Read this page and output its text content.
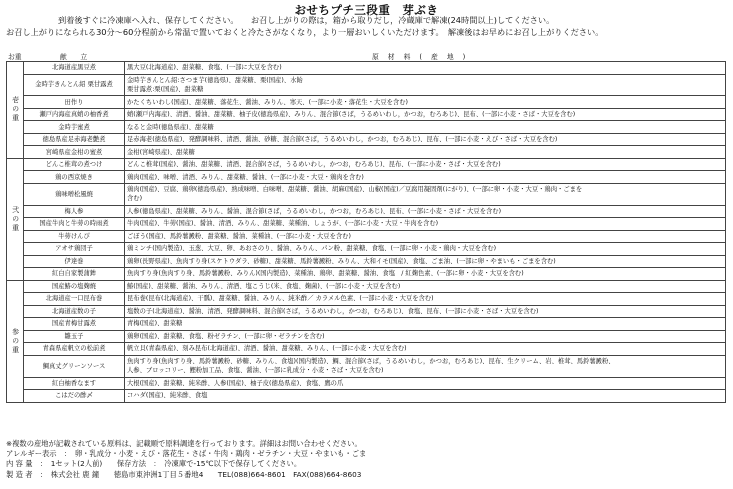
おせちプチ三段重　芽ぶき
到着後すぐに冷凍庫へ入れ、保存してください。　　お召し上がりの際は，箱から取りだし，冷蔵庫で解凍(24時間以上)してください。
お召し上がりになられる30分〜60分程前から常温で置いておくと冷たさがなくなり，より一層おいしくいただけます。　解凍後はお早めにお召し上がりください。
お重	献　　立	原材料(産地)
壱の重	北海道産黒豆煮	黒大豆(北海道産)、甜菜糖、食塩、(一部に大豆を含む)

	金時芋きんとん紹 栗甘露煮	金時芋きんとん紹:さつま芋(徳島県)、甜菜糖、栗(国産)、水飴
栗甘露煮:栗(国産)、甜菜糖

	田作り	かたくちいわし(国産)、甜菜糖、落花生、醤油、みりん、寒天、(一部に小麦・落花生・大豆を含む)

	瀬戸内海産真蛸の柚香煮	蛸(瀬戸内海産)、清酒、醤油、甜菜糖、柚子皮(徳島県産)、みりん、混合節(さば，うるめいわし，かつお，むろあじ)、昆布、(一部に小麦・さば・大豆を含む)

	金時芋蜜煮	なると金時(徳島県産)、甜菜糖

	徳島県産足赤海老艶煮	足赤海老(徳島県産)、発酵調味料、清酒、醤油、砂糖、混合節(さば，うるめいわし，かつお，むろあじ)、昆布、(一部に小麦・えび・さば・大豆を含む)

	宮崎県産金柑の蜜煮	金柑(宮崎県産)、甜菜糖

弐の重	どんこ椎茸の煮つけ	どんこ椎茸(国産)、醤油、甜菜糖、清酒、混合節(さば，うるめいわし，かつお，むろあじ)、昆布、(一部に小麦・さば・大豆を含む)

	鶏の西京焼き	鶏肉(国産)、味噌、清酒、みりん、甜菜糖、醤油、(一部に小麦・大豆・鶏肉を含む)

	鶏味噌松風焼	鶏肉(国産)、豆腐、鶏卵(徳島県産)、熟成味噌、白味噌、甜菜糖、醤油、胡麻(国産)、山椒(国産)／豆腐用凝固剤(にがり)、(一部に卵・小麦・大豆・鶏肉・ごまを
含む)

	梅人参	人参(徳島県産)、甜菜糖、みりん、醤油、混合節(さば，うるめいわし，かつお，むろあじ)、昆布、(一部に小麦・さば・大豆を含む)

	国産牛肉と牛蒡の時雨煮	牛肉(国産)、牛蒡(国産)、醤油、清酒、みりん、甜菜糖、菜種油、しょうが、(一部に小麦・大豆・牛肉を含む)

	牛蒡けんぴ	ごぼう(国産)、馬鈴薯澱粉、甜菜糖、醤油、菜種油、(一部に小麦・大豆を含む)

	アオサ鶏団子	鶏ミンチ(国内製造)、玉葱、大豆、卵、あおさのり、醤油、みりん、パン粉、甜菜糖、食塩、(一部に卵・小麦・鶏肉・大豆を含む)

	伊達巻	鶏卵(長野県産)、魚肉すり身(スケトウダラ、砂糖)、甜菜糖、馬鈴薯澱粉、みりん、大和イモ(国産)、食塩、ごま油、(一部に卵・やまいも・ごまを含む)

	紅白自家製蒲鉾	魚肉すり身(魚肉すり身、馬鈴薯澱粉、みりん)(国内製造)、菜種油、鶏卵、甜菜糖、醤油、食塩　/ 紅麹色素、(一部に卵・小麦・大豆を含む)

参の重	国産鰆の塩麹焼	鰆(国産)、甜菜糖、醤油、みりん、清酒、塩こうじ(米、食塩、麹菌)、(一部に小麦・大豆を含む)

	北海道産一口昆布巻	昆布巻(昆布(北海道産)、干瓢)、甜菜糖、醤油、みりん、純米酢／ カラメル色素、(一部に小麦・大豆を含む)

	北海道産数の子	塩数の子(北海道産)、醤油、清酒、発酵調味料、混合節(さば，うるめいわし，かつお，むろあじ)、食塩、昆布、(一部に小麦・さば・大豆を含む)

	国産青梅甘露煮	青梅(国産)、甜菜糖

	雛玉子	鶏卵(国産)、甜菜糖、食塩、粉ゼラチン、(一部に卵・ゼラチンを含む)

	青森県産帆立の松前煮	帆立貝(青森県産)、刻み昆布(北海道産)、清酒、醤油、甜菜糖、みりん、(一部に小麦・大豆を含む)

	鯛真丈グリーンソース	魚肉すり身(魚肉すり身、馬鈴薯澱粉、砂糖、みりん、食塩)(国内製造)、鯛、混合節(さば，うるめいわし，かつお，むろあじ)、昆布、生クリーム、岩、椎茸、馬鈴薯澱粉、
人参、ブロッコリー、鰹粉加工品、食塩、醤油、(一部に乳成分・小麦・さば・大豆を含む)

	紅白柚香なます	大根(国産)、甜菜糖、純米酢、人参(国産)、柚子皮(徳島県産)、食塩、鷹の爪

	こはだの酢〆	コハダ(国産)、純米酢、食塩
※複数の産地が記載されている原料は、記載順で原料調達を行っております。詳細はお問い合わせください。
アレルギー表示　：　卵・乳成分・小麦・えび・落花生・さば・牛肉・鶏肉・ゼラチン・大豆・やまいも・ごま
内 容 量　：　1セット(2人前)　　保存方法　：　冷凍庫で-15℃以下で保存してください。
製 造 者　：　株式会社 鹿 鐘　　徳島市東沖洲1丁目５番地4　　TEL(088)664-8601　FAX(088)664-8603
